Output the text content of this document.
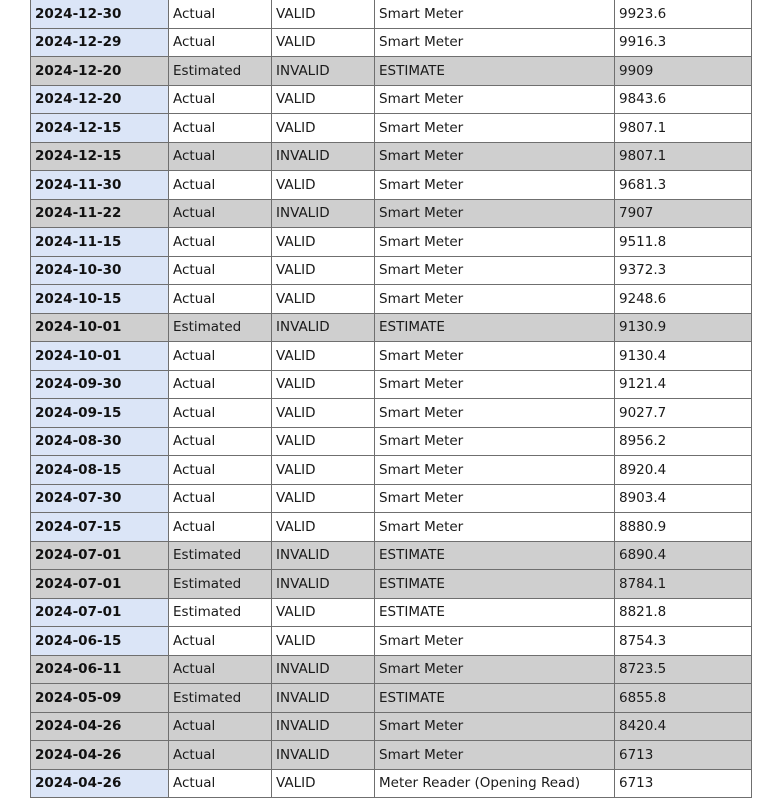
2024-12-30	Actual	VALID	Smart Meter	9923.6
2024-12-29	Actual	VALID	Smart Meter	9916.3
2024-12-20	Estimated	INVALID	ESTIMATE	9909
2024-12-20	Actual	VALID	Smart Meter	9843.6
2024-12-15	Actual	VALID	Smart Meter	9807.1
2024-12-15	Actual	INVALID	Smart Meter	9807.1
2024-11-30	Actual	VALID	Smart Meter	9681.3
2024-11-22	Actual	INVALID	Smart Meter	7907
2024-11-15	Actual	VALID	Smart Meter	9511.8
2024-10-30	Actual	VALID	Smart Meter	9372.3
2024-10-15	Actual	VALID	Smart Meter	9248.6
2024-10-01	Estimated	INVALID	ESTIMATE	9130.9
2024-10-01	Actual	VALID	Smart Meter	9130.4
2024-09-30	Actual	VALID	Smart Meter	9121.4
2024-09-15	Actual	VALID	Smart Meter	9027.7
2024-08-30	Actual	VALID	Smart Meter	8956.2
2024-08-15	Actual	VALID	Smart Meter	8920.4
2024-07-30	Actual	VALID	Smart Meter	8903.4
2024-07-15	Actual	VALID	Smart Meter	8880.9
2024-07-01	Estimated	INVALID	ESTIMATE	6890.4
2024-07-01	Estimated	INVALID	ESTIMATE	8784.1
2024-07-01	Estimated	VALID	ESTIMATE	8821.8
2024-06-15	Actual	VALID	Smart Meter	8754.3
2024-06-11	Actual	INVALID	Smart Meter	8723.5
2024-05-09	Estimated	INVALID	ESTIMATE	6855.8
2024-04-26	Actual	INVALID	Smart Meter	8420.4
2024-04-26	Actual	INVALID	Smart Meter	6713
2024-04-26	Actual	VALID	Meter Reader (Opening Read)	6713
